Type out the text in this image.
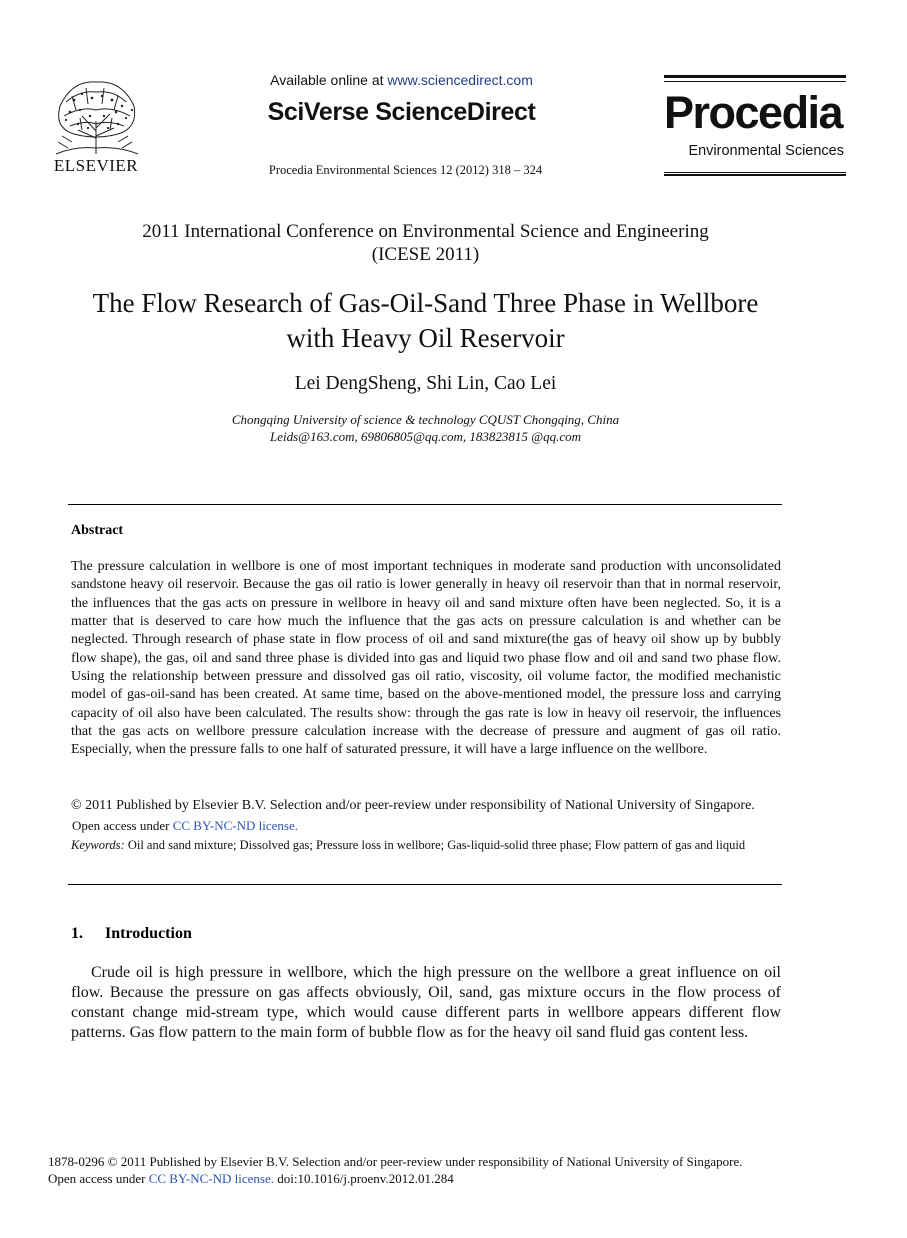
ELSEVIER
Available online at www.sciencedirect.com
SciVerse ScienceDirect
Procedia Environmental Sciences 12 (2012) 318 – 324
Procedia
Environmental Sciences
2011 International Conference on Environmental Science and Engineering
(ICESE 2011)
The Flow Research of Gas-Oil-Sand Three Phase in Wellbore
with Heavy Oil Reservoir
Lei DengSheng, Shi Lin, Cao Lei
Chongqing University of science & technology CQUST Chongqing, China
Leids@163.com, 69806805@qq.com, 183823815 @qq.com
Abstract

The pressure calculation in wellbore is one of most important techniques in moderate sand production with unconsolidated sandstone heavy oil reservoir. Because the gas oil ratio is lower generally in heavy oil reservoir than that in normal reservoir, the influences that the gas acts on pressure in wellbore in heavy oil and sand mixture often have been neglected. So, it is a matter that is deserved to care how much the influence that the gas acts on pressure calculation is and whether can be neglected. Through research of phase state in flow process of oil and sand mixture(the gas of heavy oil show up by bubbly flow shape), the gas, oil and sand three phase is divided into gas and liquid two phase flow and oil and sand two phase flow. Using the relationship between pressure and dissolved gas oil ratio, viscosity, oil volume factor, the modified mechanistic model of gas-oil-sand has been created. At same time, based on the above-mentioned model, the pressure loss and carrying capacity of oil also have been calculated. The results show: through the gas rate is low in heavy oil reservoir, the influences that the gas acts on wellbore pressure calculation increase with the decrease of pressure and augment of gas oil ratio. Especially, when the pressure falls to one half of saturated pressure, it will have a large influence on the wellbore.

© 2011 Published by Elsevier B.V. Selection and/or peer-review under responsibility of National University of Singapore.
Open access under CC BY-NC-ND license.
Keywords: Oil and sand mixture; Dissolved gas; Pressure loss in wellbore; Gas-liquid-solid three phase; Flow pattern of gas and liquid
1. Introduction

Crude oil is high pressure in wellbore, which the high pressure on the wellbore a great influence on oil flow. Because the pressure on gas affects obviously, Oil, sand, gas mixture occurs in the flow process of constant change mid-stream type, which would cause different parts in wellbore appears different flow patterns. Gas flow pattern to the main form of bubble flow as for the heavy oil sand fluid gas content less.

1878-0296 © 2011 Published by Elsevier B.V. Selection and/or peer-review under responsibility of National University of Singapore.
Open access under CC BY-NC-ND license. doi:10.1016/j.proenv.2012.01.284
